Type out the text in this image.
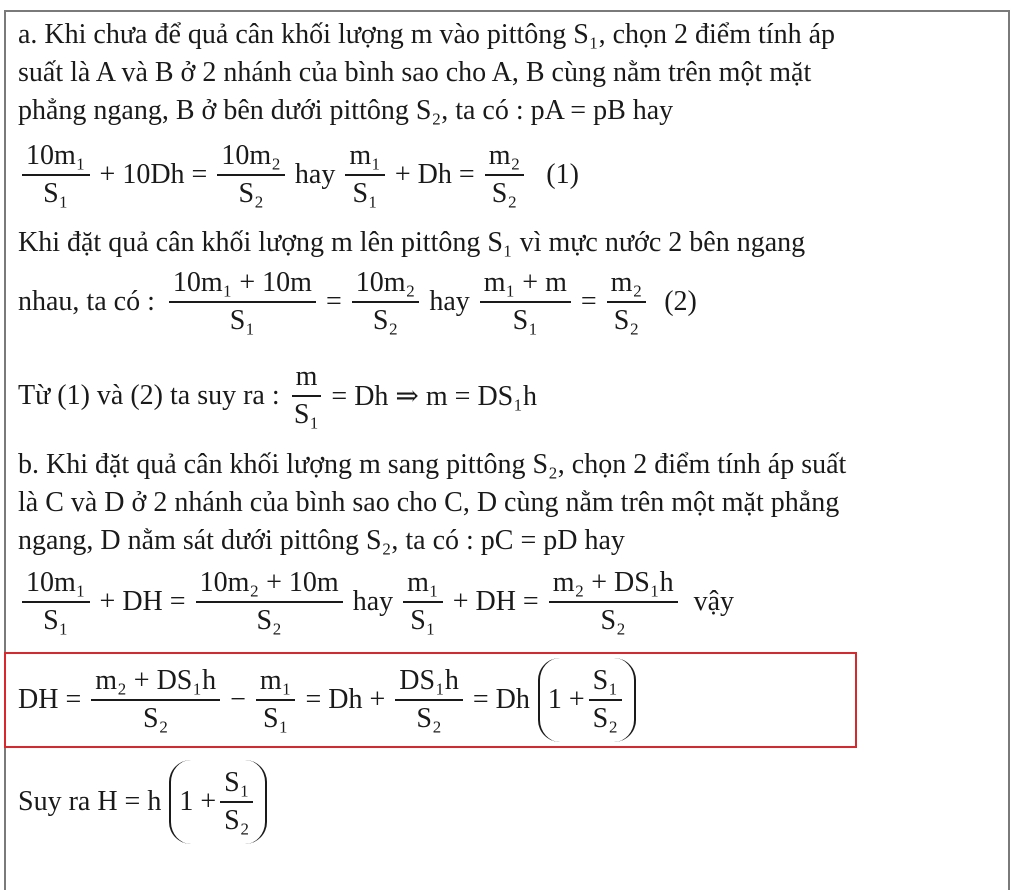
a. Khi chưa để quả cân khối lượng m vào pittông S₁, chọn 2 điểm tính áp
suất là A và B ở 2 nhánh của bình sao cho A, B cùng nằm trên một mặt
phẳng ngang, B ở bên dưới pittông S₂, ta có : pA = pB hay
$\frac{\text{10m₁}}{\text{S₁}} + 10Dh = \frac{\text{10m₂}}{\text{S₂}}$ hay $\frac{\text{m₁}}{\text{S₁}} + Dh = \frac{\text{m₂}}{\text{S₂}} (1)$
Khi đặt quả cân khối lượng m lên pittông S₁ vì mực nước 2 bên ngang
nhau, ta có : $\frac{\text{10m₁ + 10m}}{\text{S₁}} = \frac{\text{10m₂}}{\text{S₂}}$ hay $\frac{\text{m₁ + m}}{\text{S₁}} = \frac{\text{m₂}}{\text{S₂}} (2)$
Từ (1) và (2) ta suy ra : $\frac{m}{\text{S₁}} = Dh$ ⇒ m = DS₁h
b. Khi đặt quả cân khối lượng m sang pittông S₂, chọn 2 điểm tính áp suất
là C và D ở 2 nhánh của bình sao cho C, D cùng nằm trên một mặt phẳng
ngang, D nằm sát dưới pittông S₂, ta có : pC = pD hay
$\frac{\text{10m₁}}{\text{S₁}}$ + DH = $\frac{\text{10m₂ + 10m}}{\text{S₂}}$ hay $\frac{\text{m₁}}{\text{S₁}}$ + DH = $\frac{\text{m₂ + DS₁h}}{\text{S₂}}$ vậy
DH = $\frac{\text{m₂ + DS₁h}}{\text{S₂}} - \frac{\text{m₁}}{\text{S₁}} = Dh + \frac{\text{DS₁h}}{\text{S₂}} = Dh$ $1 + \frac{\text{S₁}}{\text{S₂}}$
Suy ra H = h $1 + \frac{\text{S₁}}{\text{S₂}}$
